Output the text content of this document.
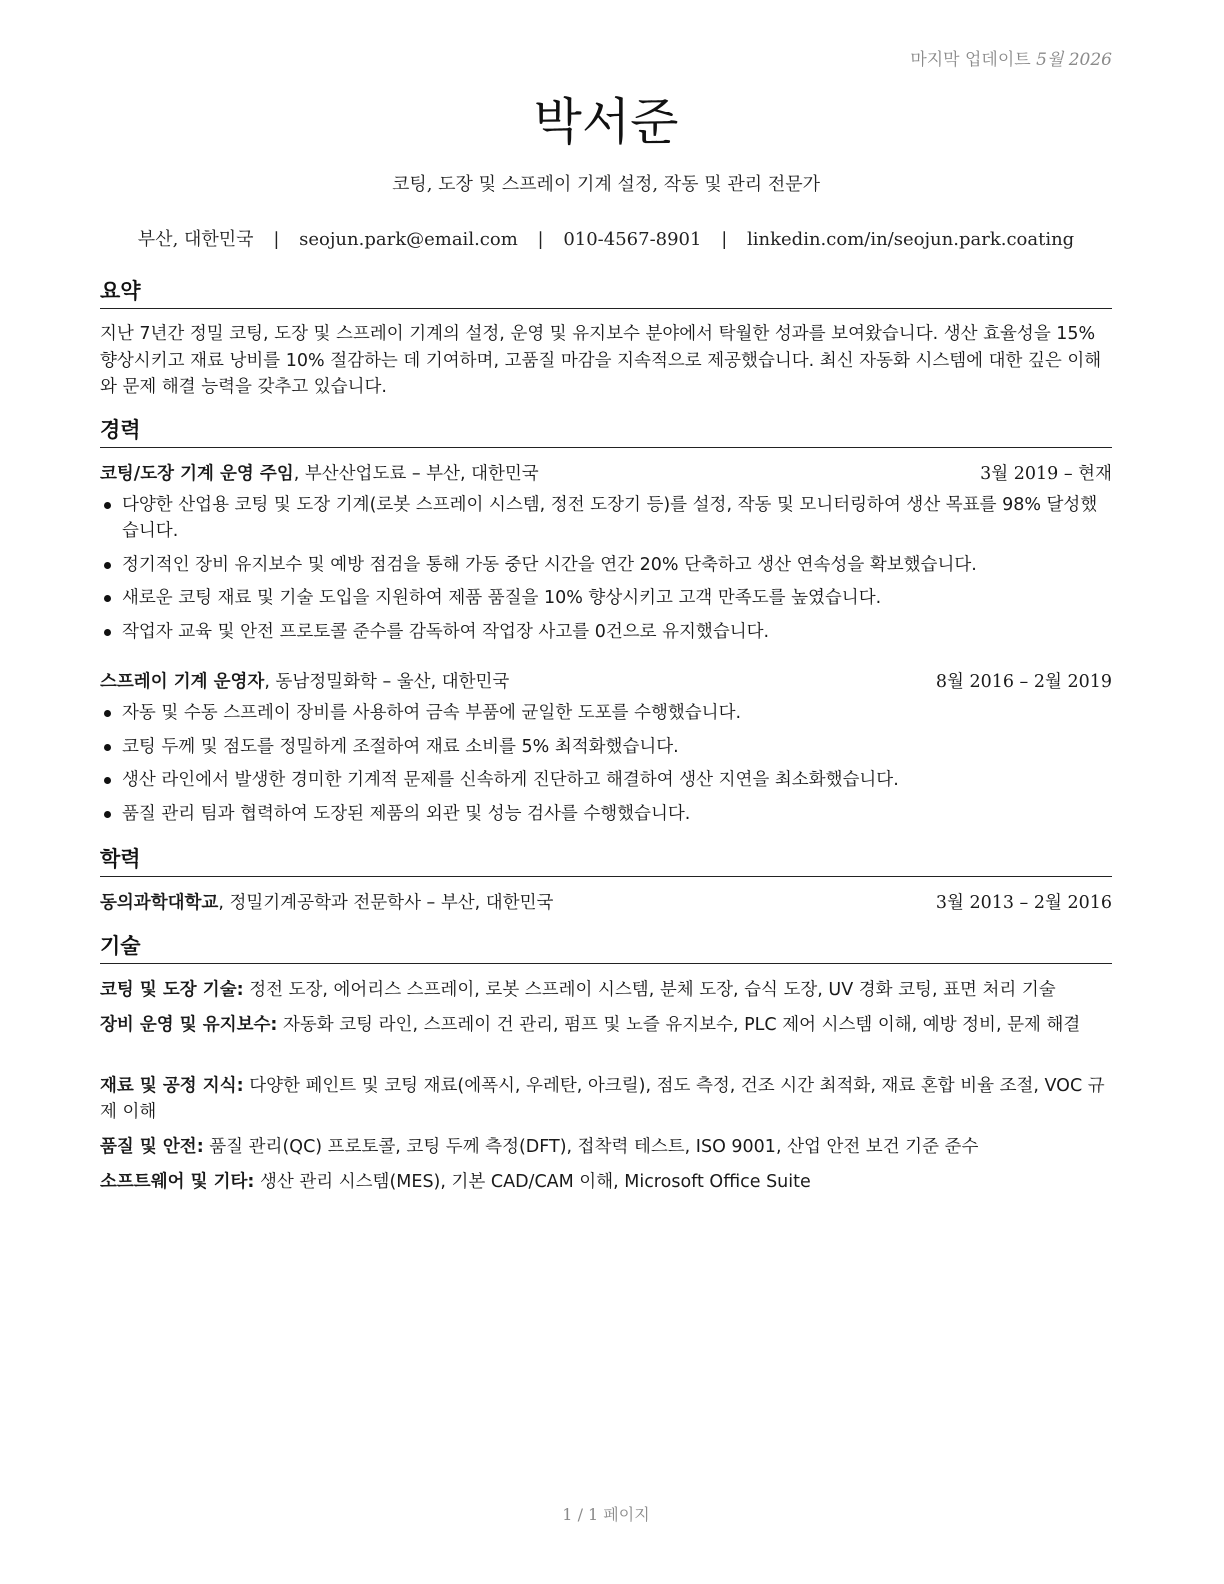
마지막 업데이트 5월 2026
박서준
코팅, 도장 및 스프레이 기계 설정, 작동 및 관리 전문가
부산, 대한민국 | seojun.park@email.com | 010-4567-8901 | linkedin.com/in/seojun.park.coating
요약
지난 7년간 정밀 코팅, 도장 및 스프레이 기계의 설정, 운영 및 유지보수 분야에서 탁월한 성과를 보여왔습니다. 생산 효율성을 15% 향상시키고 재료 낭비를 10% 절감하는 데 기여하며, 고품질 마감을 지속적으로 제공했습니다. 최신 자동화 시스템에 대한 깊은 이해와 문제 해결 능력을 갖추고 있습니다.
경력
코팅/도장 기계 운영 주임, 부산산업도료 – 부산, 대한민국	3월 2019 – 현재
다양한 산업용 코팅 및 도장 기계(로봇 스프레이 시스템, 정전 도장기 등)를 설정, 작동 및 모니터링하여 생산 목표를 98% 달성했습니다.
정기적인 장비 유지보수 및 예방 점검을 통해 가동 중단 시간을 연간 20% 단축하고 생산 연속성을 확보했습니다.
새로운 코팅 재료 및 기술 도입을 지원하여 제품 품질을 10% 향상시키고 고객 만족도를 높였습니다.
작업자 교육 및 안전 프로토콜 준수를 감독하여 작업장 사고를 0건으로 유지했습니다.
스프레이 기계 운영자, 동남정밀화학 – 울산, 대한민국	8월 2016 – 2월 2019
자동 및 수동 스프레이 장비를 사용하여 금속 부품에 균일한 도포를 수행했습니다.
코팅 두께 및 점도를 정밀하게 조절하여 재료 소비를 5% 최적화했습니다.
생산 라인에서 발생한 경미한 기계적 문제를 신속하게 진단하고 해결하여 생산 지연을 최소화했습니다.
품질 관리 팀과 협력하여 도장된 제품의 외관 및 성능 검사를 수행했습니다.
학력
동의과학대학교, 정밀기계공학과 전문학사 – 부산, 대한민국	3월 2013 – 2월 2016
기술
코팅 및 도장 기술: 정전 도장, 에어리스 스프레이, 로봇 스프레이 시스템, 분체 도장, 습식 도장, UV 경화 코팅, 표면 처리 기술
장비 운영 및 유지보수: 자동화 코팅 라인, 스프레이 건 관리, 펌프 및 노즐 유지보수, PLC 제어 시스템 이해, 예방 정비, 문제 해결
재료 및 공정 지식: 다양한 페인트 및 코팅 재료(에폭시, 우레탄, 아크릴), 점도 측정, 건조 시간 최적화, 재료 혼합 비율 조절, VOC 규제 이해
품질 및 안전: 품질 관리(QC) 프로토콜, 코팅 두께 측정(DFT), 접착력 테스트, ISO 9001, 산업 안전 보건 기준 준수
소프트웨어 및 기타: 생산 관리 시스템(MES), 기본 CAD/CAM 이해, Microsoft Office Suite
1 / 1 페이지
